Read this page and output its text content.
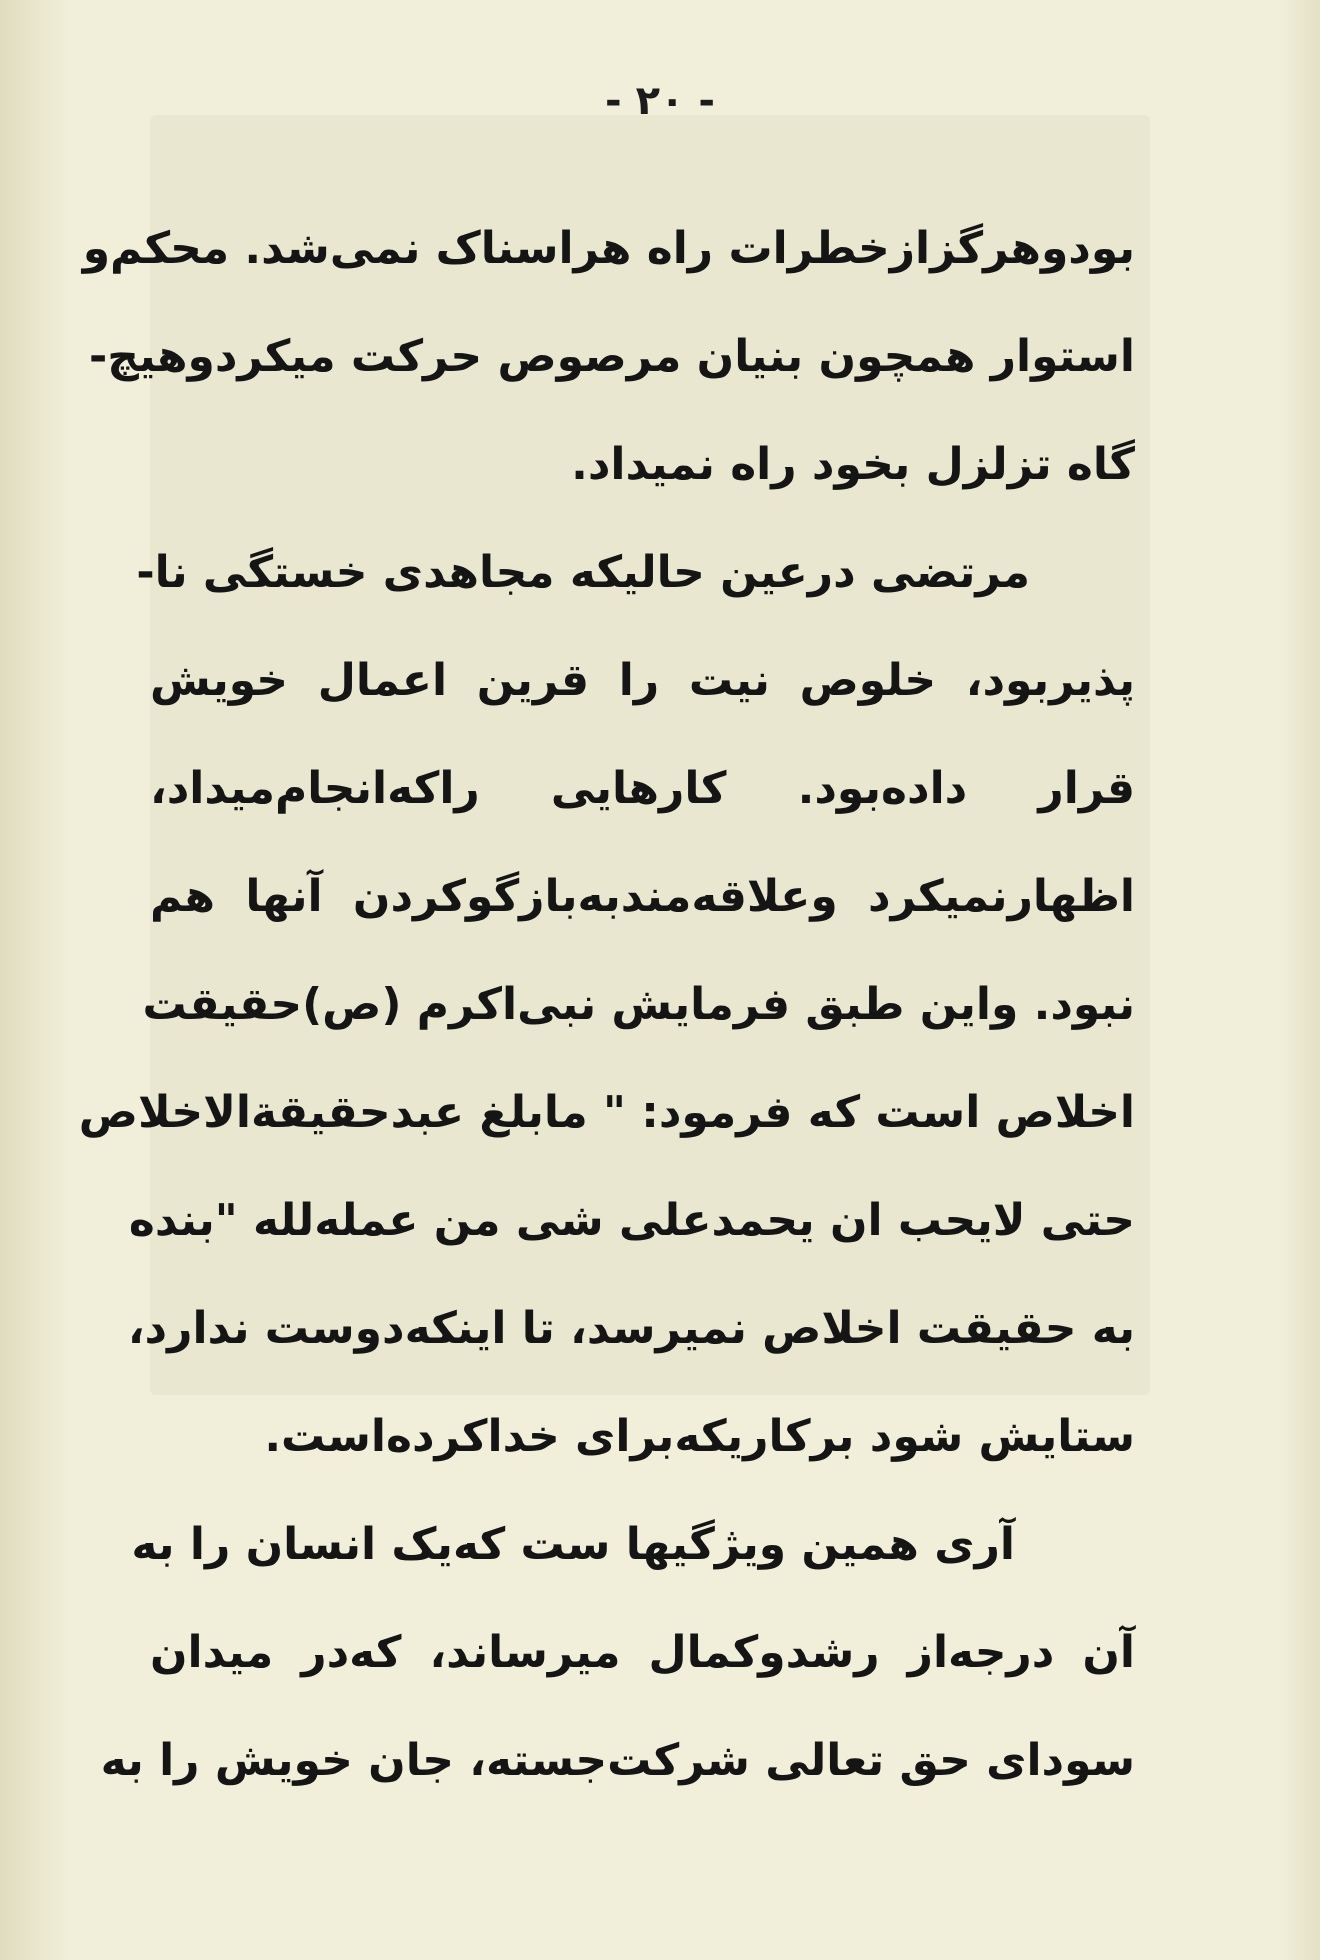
- ۲۰ -
بودوهرگزازخطرات راه هراسناک نمی‌شد. محکم‌و
استوار همچون بنیان مرصوص حرکت میکردوهیچ-
گاه تزلزل بخود راه نمیداد.
مرتضی درعین حالیکه مجاهدی خستگی نا-
پذیربود، خلوص نیت را قرین اعمال خویش
قرار داده‌بود. کارهایی راکه‌انجام‌میداد،
اظهارنمیکرد وعلاقه‌مندبه‌بازگوکردن آنها هم
نبود. واین طبق فرمایش نبی‌اکرم (ص)حقیقت
اخلاص است که فرمود: " مابلغ عبدحقیقةالاخلاص
حتی لایحب ان یحمدعلی شی من عمله‌لله "بنده
به حقیقت اخلاص نمیرسد، تا اینکه‌دوست ندارد،
ستایش شود برکاریکه‌برای خداکرده‌است.
آری همین ویژگیها ست که‌یک انسان را به
آن درجه‌از رشدوکمال میرساند، که‌در میدان
سودای حق تعالی شرکت‌جسته، جان خویش را به
